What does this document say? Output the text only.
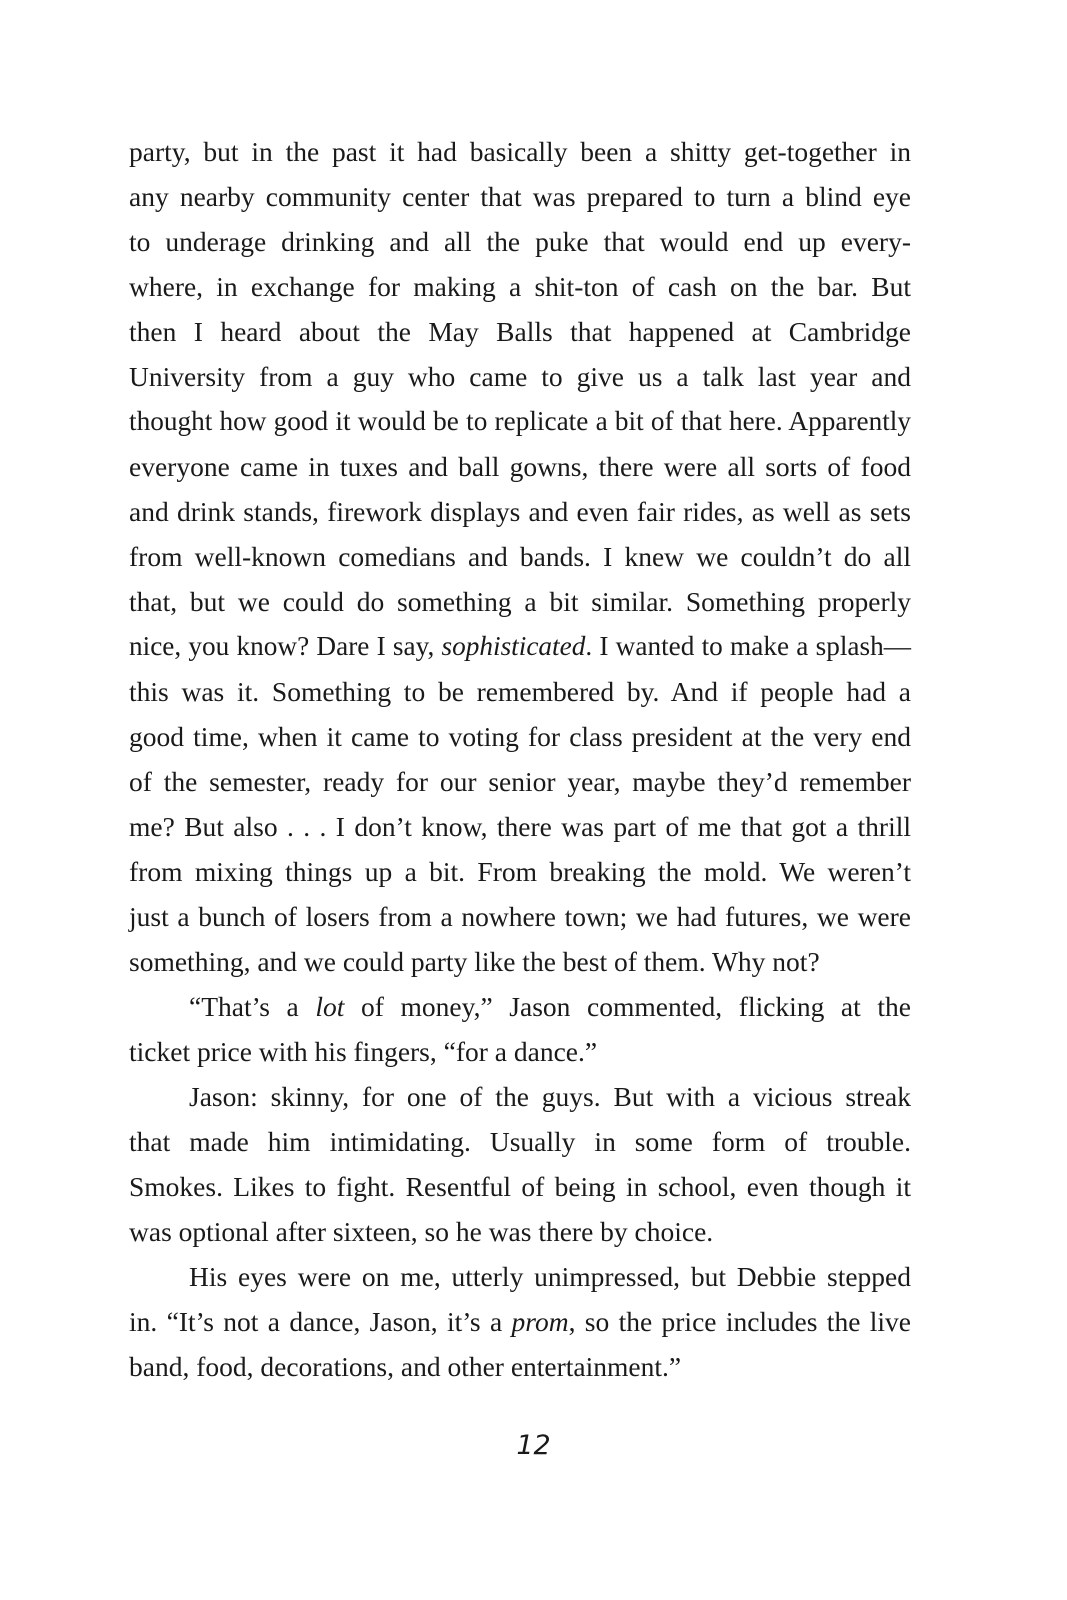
party, but in the past it had basically been a shitty get-together in
any nearby community center that was prepared to turn a blind eye
to underage drinking and all the puke that would end up every-
where, in exchange for making a shit-ton of cash on the bar. But
then I heard about the May Balls that happened at Cambridge
University from a guy who came to give us a talk last year and
thought how good it would be to replicate a bit of that here. Apparently
everyone came in tuxes and ball gowns, there were all sorts of food
and drink stands, firework displays and even fair rides, as well as sets
from well-known comedians and bands. I knew we couldn’t do all
that, but we could do something a bit similar. Something properly
nice, you know? Dare I say, sophisticated. I wanted to make a splash—
this was it. Something to be remembered by. And if people had a
good time, when it came to voting for class president at the very end
of the semester, ready for our senior year, maybe they’d remember
me? But also . . . I don’t know, there was part of me that got a thrill
from mixing things up a bit. From breaking the mold. We weren’t
just a bunch of losers from a nowhere town; we had futures, we were
something, and we could party like the best of them. Why not?
“That’s a lot of money,” Jason commented, flicking at the
ticket price with his fingers, “for a dance.”
Jason: skinny, for one of the guys. But with a vicious streak
that made him intimidating. Usually in some form of trouble.
Smokes. Likes to fight. Resentful of being in school, even though it
was optional after sixteen, so he was there by choice.
His eyes were on me, utterly unimpressed, but Debbie stepped
in. “It’s not a dance, Jason, it’s a prom, so the price includes the live
band, food, decorations, and other entertainment.”
12
